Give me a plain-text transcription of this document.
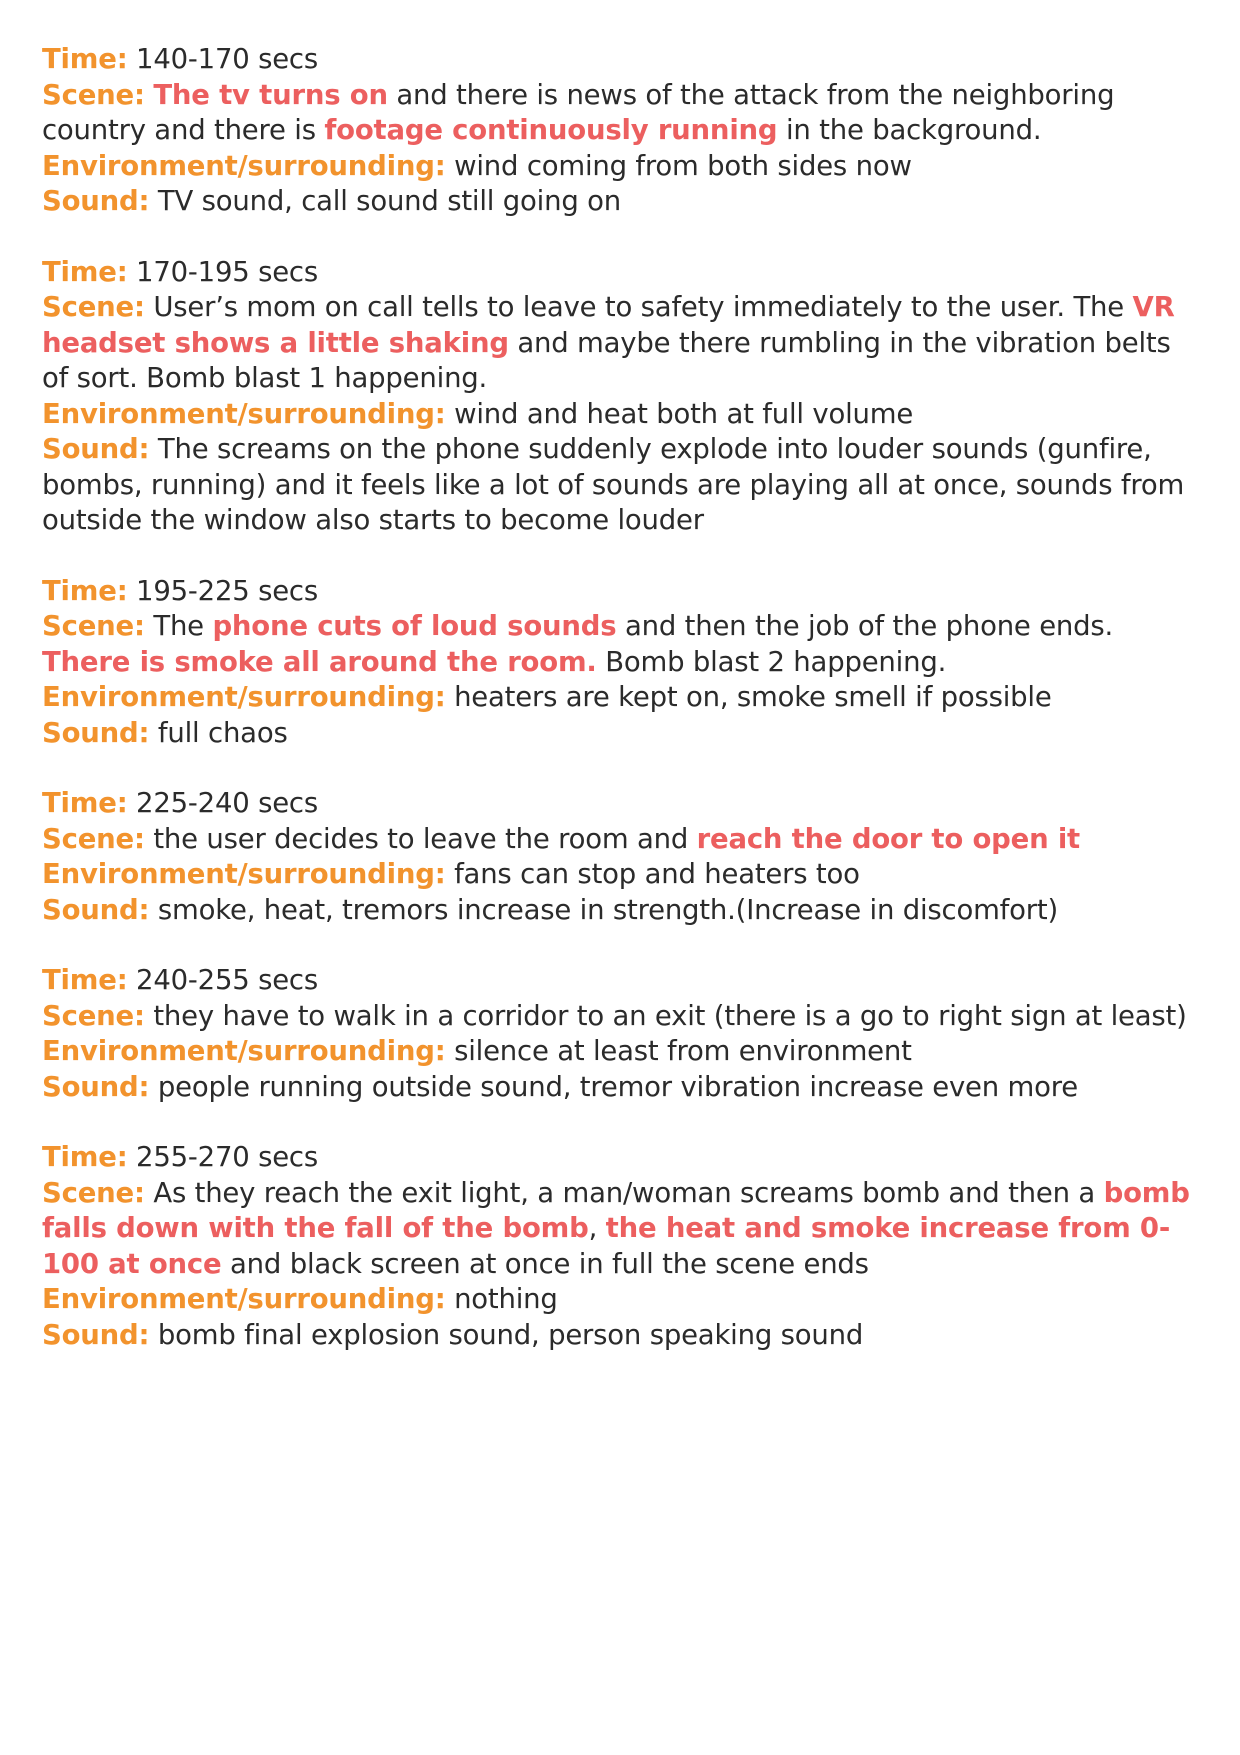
Time: 140-170 secs
Scene: The tv turns on and there is news of the attack from the neighboring country and there is footage continuously running in the background.
Environment/surrounding: wind coming from both sides now
Sound: TV sound, call sound still going on
Time: 170-195 secs
Scene: User’s mom on call tells to leave to safety immediately to the user. The VR headset shows a little shaking and maybe there rumbling in the vibration belts of sort. Bomb blast 1 happening.
Environment/surrounding: wind and heat both at full volume
Sound: The screams on the phone suddenly explode into louder sounds (gunfire, bombs, running) and it feels like a lot of sounds are playing all at once, sounds from outside the window also starts to become louder
Time: 195-225 secs
Scene: The phone cuts of loud sounds and then the job of the phone ends. There is smoke all around the room. Bomb blast 2 happening.
Environment/surrounding: heaters are kept on, smoke smell if possible
Sound: full chaos
Time: 225-240 secs
Scene: the user decides to leave the room and reach the door to open it
Environment/surrounding: fans can stop and heaters too
Sound: smoke, heat, tremors increase in strength.(Increase in discomfort)
Time: 240-255 secs
Scene: they have to walk in a corridor to an exit (there is a go to right sign at least)
Environment/surrounding: silence at least from environment
Sound: people running outside sound, tremor vibration increase even more
Time: 255-270 secs
Scene: As they reach the exit light, a man/woman screams bomb and then a bomb falls down with the fall of the bomb, the heat and smoke increase from 0-100 at once and black screen at once in full the scene ends
Environment/surrounding: nothing
Sound: bomb final explosion sound, person speaking sound
